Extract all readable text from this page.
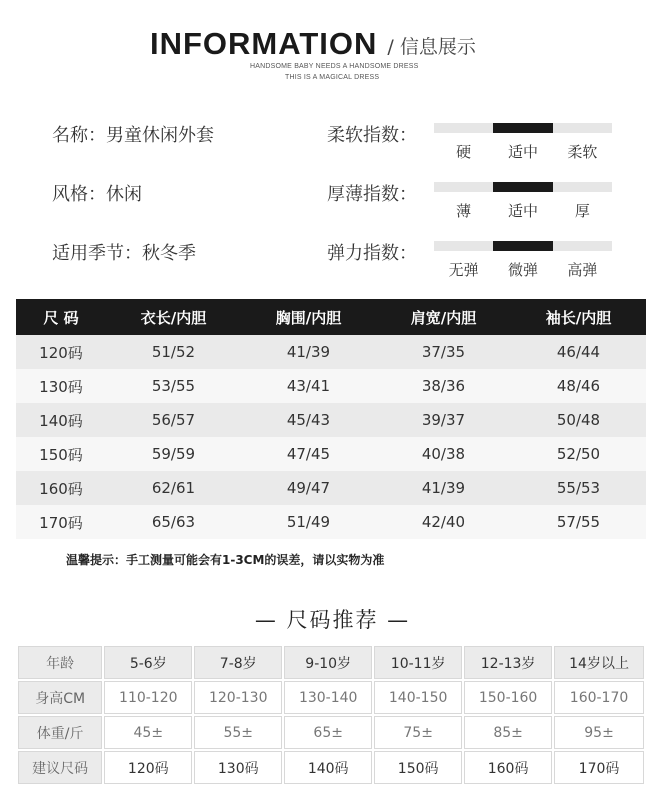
INFORMATION / 信息展示
HANDSOME BABY NEEDS A HANDSOME DRESS
THIS IS A MAGICAL DRESS
名称：男童休闲外套
风格：休闲
适用季节：秋冬季
柔软指数：
硬	适中	柔软
厚薄指数：
薄	适中	厚
弹力指数：
无弹	微弹	高弹
尺 码	衣长/内胆	胸围/内胆	肩宽/内胆	袖长/内胆
120码	51/52	41/39	37/35	46/44
130码	53/55	43/41	38/36	48/46
140码	56/57	45/43	39/37	50/48
150码	59/59	47/45	40/38	52/50
160码	62/61	49/47	41/39	55/53
170码	65/63	51/49	42/40	57/55
温馨提示：手工测量可能会有1-3CM的误差，请以实物为准
— 尺码推荐 —
年龄	5-6岁	7-8岁	9-10岁	10-11岁	12-13岁	14岁以上
身高CM	110-120	120-130	130-140	140-150	150-160	160-170
体重/斤	45±	55±	65±	75±	85±	95±
建议尺码	120码	130码	140码	150码	160码	170码
